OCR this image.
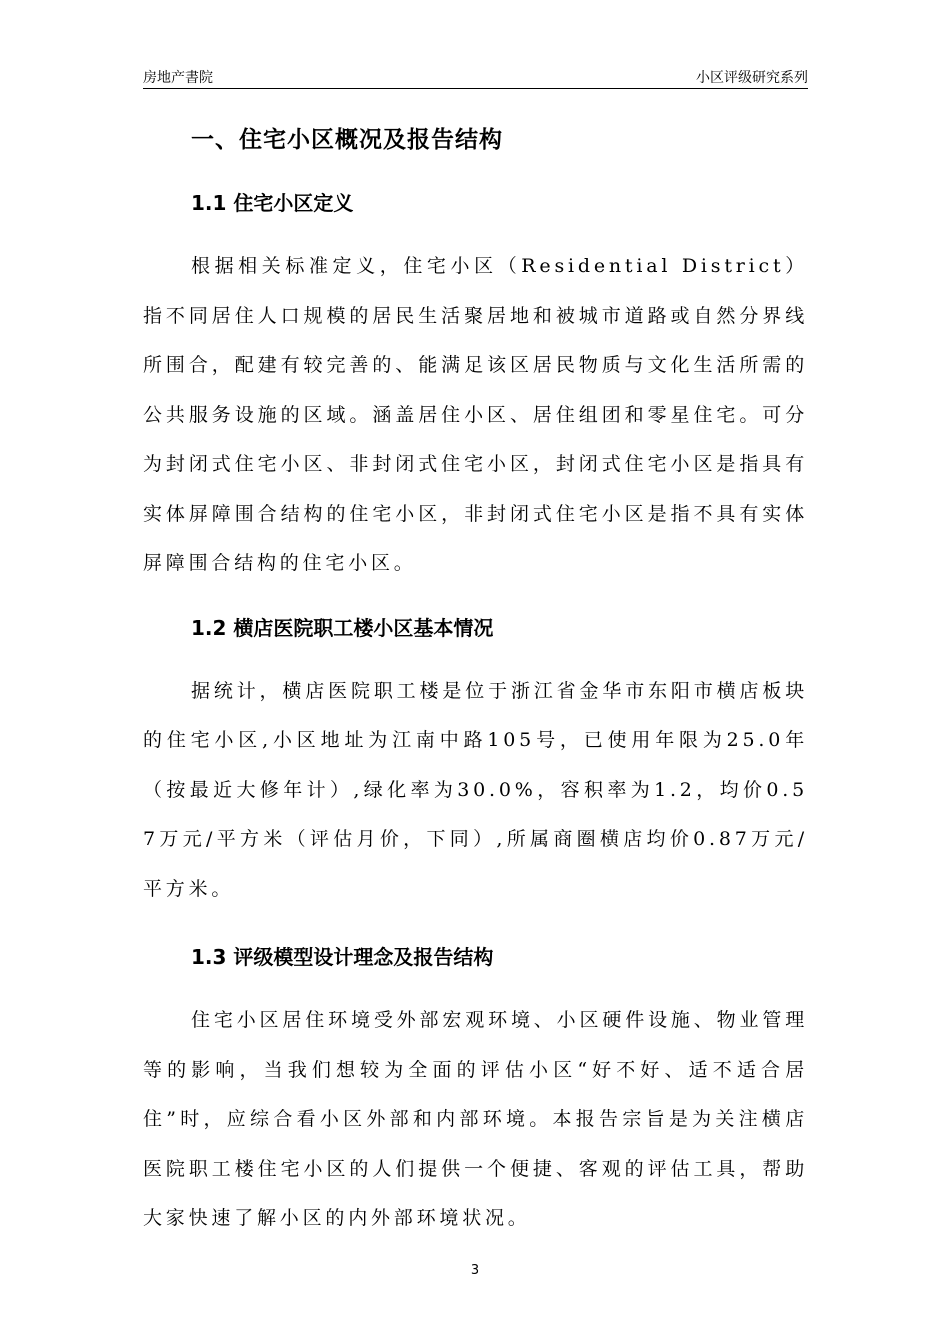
房地产書院	小区评级研究系列
一、住宅小区概况及报告结构
1.1 住宅小区定义

根据相关标准定义，住宅小区（Residential District）指不同居住人口规模的居民生活聚居地和被城市道路或自然分界线所围合，配建有较完善的、能满足该区居民物质与文化生活所需的公共服务设施的区域。涵盖居住小区、居住组团和零星住宅。可分为封闭式住宅小区、非封闭式住宅小区，封闭式住宅小区是指具有实体屏障围合结构的住宅小区，非封闭式住宅小区是指不具有实体屏障围合结构的住宅小区。

1.2 横店医院职工楼小区基本情况

据统计，横店医院职工楼是位于浙江省金华市东阳市横店板块的住宅小区,小区地址为江南中路105号，已使用年限为25.0年（按最近大修年计）,绿化率为30.0%，容积率为1.2，均价0.57万元/平方米（评估月价，下同）,所属商圈横店均价0.87万元/平方米。

1.3 评级模型设计理念及报告结构

住宅小区居住环境受外部宏观环境、小区硬件设施、物业管理等的影响，当我们想较为全面的评估小区“好不好、适不适合居住”时，应综合看小区外部和内部环境。本报告宗旨是为关注横店医院职工楼住宅小区的人们提供一个便捷、客观的评估工具，帮助大家快速了解小区的内外部环境状况。

3
